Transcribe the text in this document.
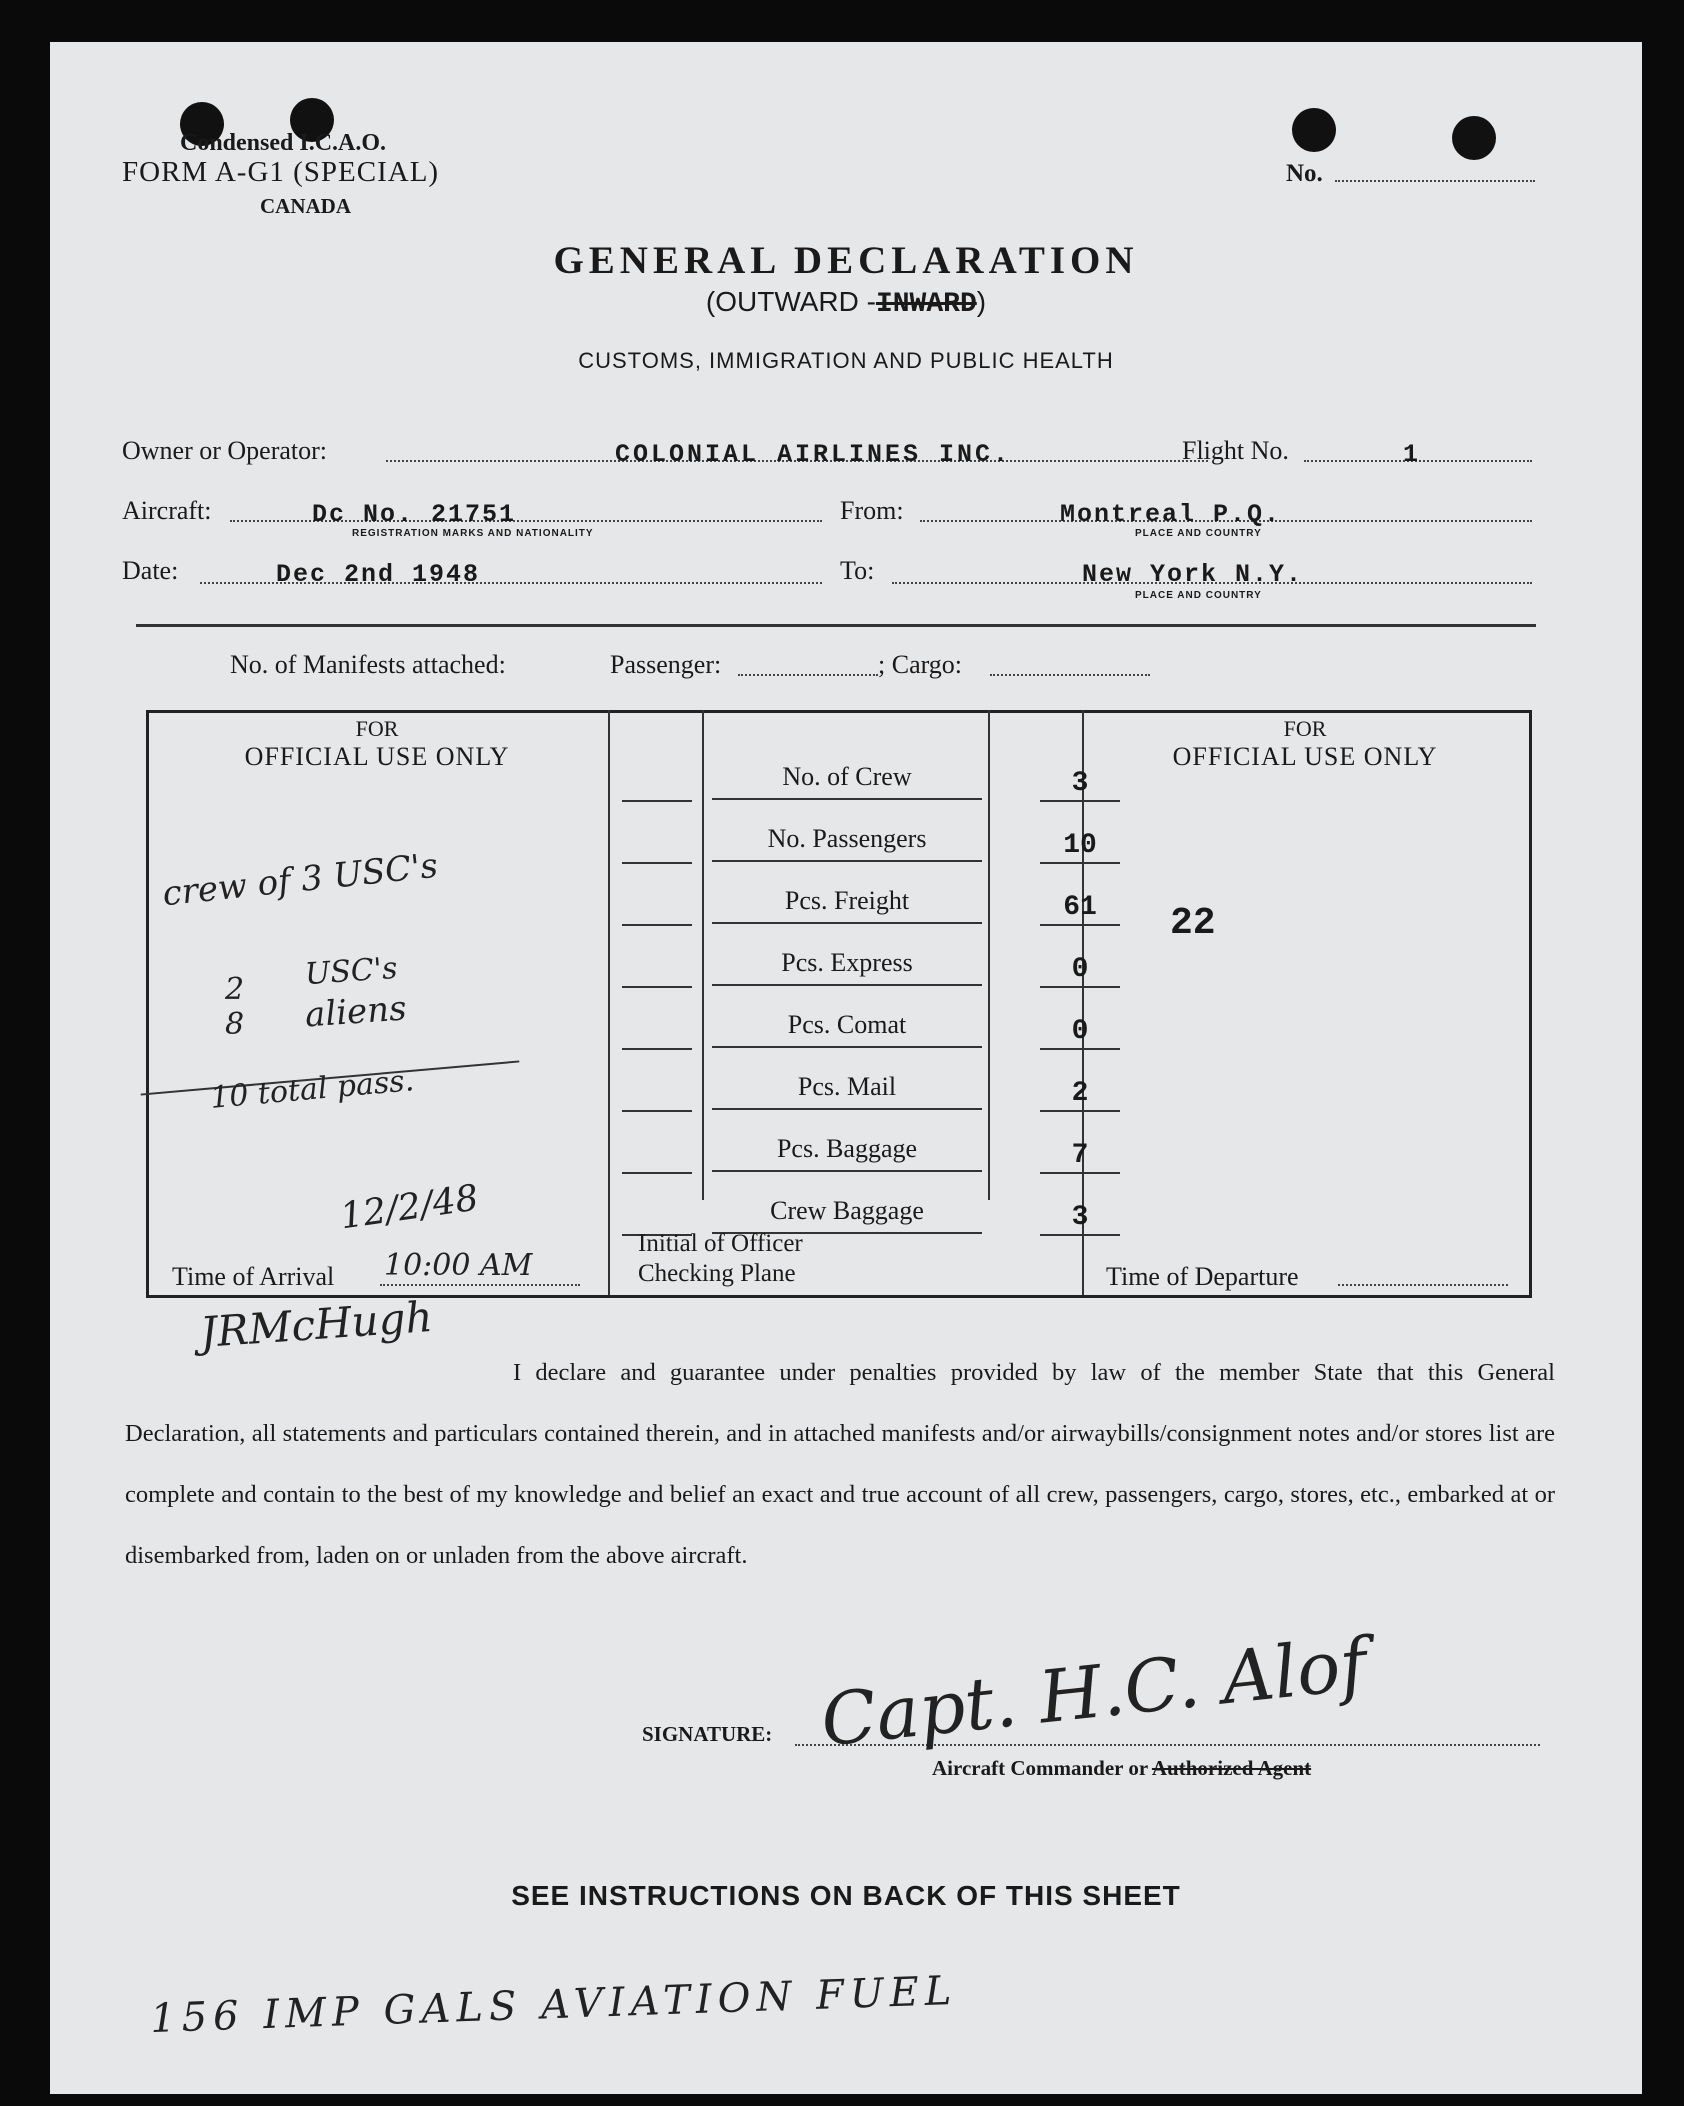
Condensed I.C.A.O.
FORM A-G1 (SPECIAL)
CANADA
No.
GENERAL DECLARATION
(OUTWARD -INWARD)
CUSTOMS, IMMIGRATION AND PUBLIC HEALTH
Owner or Operator:	COLONIAL AIRLINES INC.	Flight No.	1
Aircraft:	Dc No. 21751
REGISTRATION MARKS AND NATIONALITY
From:	Montreal P.Q.
PLACE AND COUNTRY
Date:	Dec 2nd 1948	To:	New York N.Y.
PLACE AND COUNTRY
No. of Manifests attached:	Passenger:	; Cargo:
FOR
OFFICIAL USE ONLY
FOR
OFFICIAL USE ONLY
No. of Crew	3
No. Passengers	10
Pcs. Freight	61
Pcs. Express	0
Pcs. Comat	0
Pcs. Mail	2
Pcs. Baggage	7
Crew Baggage	3
Initial of Officer
Checking Plane
Time of Arrival 10:00 AM	Time of Departure
22
crew of 3 USC's
2 USC's
8 aliens
10 total pass.
12/2/48
JRMcHugh
I declare and guarantee under penalties provided by law of the member State that this General Declaration, all statements and particulars contained therein, and in attached manifests and/or airwaybills/consignment notes and/or stores list are complete and contain to the best of my knowledge and belief an exact and true account of all crew, passengers, cargo, stores, etc., embarked at or disembarked from, laden on or unladen from the above aircraft.
SIGNATURE: Capt. H.C. Alof
Aircraft Commander or Authorized Agent
SEE INSTRUCTIONS ON BACK OF THIS SHEET
156 IMP GALS AVIATION FUEL
